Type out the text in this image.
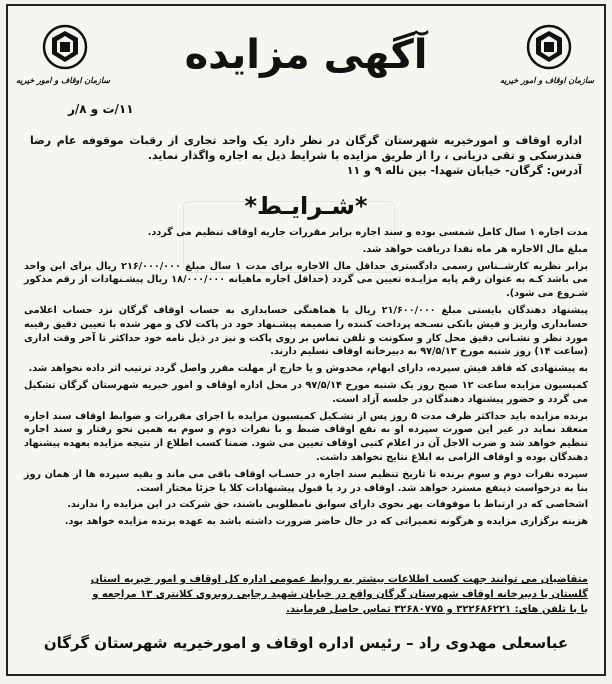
سازمان اوقاف و امور خیریه
سازمان اوقاف و امور خیریه
آگهی مزایده
۱۱/ت و ۸/ر
اداره اوقاف و امورخیریه شهرستان گرگان در نظر دارد یک واحد تجاری از رقبات موقوفه عام رضا فندرسکی و تقی دزیانی ، را از طریق مزایده با شرایط ذیل به اجاره واگذار نماید.
آدرس: گرگان- خیابان شهدا- بین ناله ۹ و ۱۱
*شـرایـط*

مدت اجاره ۱ سال کامل شمسی بوده و سند اجاره برابر مقررات جاریه اوقاف تنظیم می گردد.

مبلغ مال الاجاره هر ماه نقدا دریافت خواهد شد.

برابر نظریه کارشــناس رسمی دادگستری حداقل مال الاجاره برای مدت ۱ سال مبلغ ۲۱۶/۰۰۰/۰۰۰ ریال برای این واحد می باشد کـه به عنوان رقم پایه مزایـده تعیین می گردد (حداقل اجاره ماهیانه ۱۸/۰۰۰/۰۰۰ ریال پیشـنهادات از رقم مذکور شـروع می شود).

پیشنهاد دهندگان بایستی مبلغ ۲۱/۶۰۰/۰۰۰ ریال با هماهنگی حسابداری به حساب اوقاف گرگان نزد حساب اعلامی حسابداری واریز و فیش بانکی نسـخه پرداخت کننده را ضمیمه پیشـنهاد خود در پاکت لاک و مهر شده با تعیین دقیق رقیبه مورد نظر و نشـانی دقیق محل کار و سکونت و تلفن تماس بر روی پاکت و نیز در ذیل نامه خود حداکثر تا آخر وقت اداری (ساعت ۱۴) روز شنبه مورخ ۹۷/۵/۱۳ به دبیرخانه اوقاف تسلیم دارند.

به پیشنهادی که فاقد فیش سپرده، دارای ابهام، مخدوش و یا خارج از مهلت مقرر واصل گردد ترتیب اثر داده نخواهد شد.

کمیسیون مزایده ساعت ۱۲ صبح روز یک شنبه مورخ ۹۷/۵/۱۴ در محل اداره اوقاف و امور خیریه شهرستان گرگان تشکیل می گردد و حضور پیشنهاد دهندگان در جلسه آزاد است.

برنده مزایده باید حداکثر ظرف مدت ۵ روز پس از تشـکیل کمیسیون مزایده با اجرای مقررات و ضوابط اوقاف سند اجاره منعقد نماید در غیر این صورت سپرده او به نفع اوقاف ضبط و با نفرات دوم و سوم به همین نحو رفتار و سند اجاره تنظیم خواهد شد و ضرب الاجل آن در اعلام کتبی اوقاف تعیین می شود. ضمنا کسب اطلاع از نتیجه مزایده بعهده پیشنهاد دهندگان بوده و اوقاف الزامی به ابلاغ نتایج نخواهد داشت.

سپرده نفرات دوم و سوم برنده تا تاریخ تنظیم سند اجاره در حسـاب اوقاف باقی می ماند و بقیه سپرده ها از همان روز بنا به درخواست ذینفع مسترد خواهد شد. اوقاف در رد یا قبول پیشنهادات کلا یا جزئا مختار است.

اشخاصی که در ارتباط با موقوفات بهر نحوی دارای سوابق نامطلوبی باشند، حق شرکت در این مزایده را ندارند.

هزینه برگزاری مزایده و هرگونه تعمیراتی که در حال حاضر ضرورت داشته باشد به عهده برنده مزایده خواهد بود.

متقاضیان می توانند جهت کسب اطلاعات بیشتر به روابط عمومی اداره کل اوقاف و امور خیریه استان
گلستان یا دبیرخانه اوقاف شهرستان گرگان واقع در خیابان شهید رجایی روبروی کلانتری ۱۳ مراجعه و
یا با تلفن های: ۳۲۲۶۸۶۲۲۱ و ۳۲۶۸۰۷۷۵ تماس حاصل فرمایند.
عباسعلی مهدوی راد – رئیس اداره اوقاف و امورخیریه شهرستان گرگان
